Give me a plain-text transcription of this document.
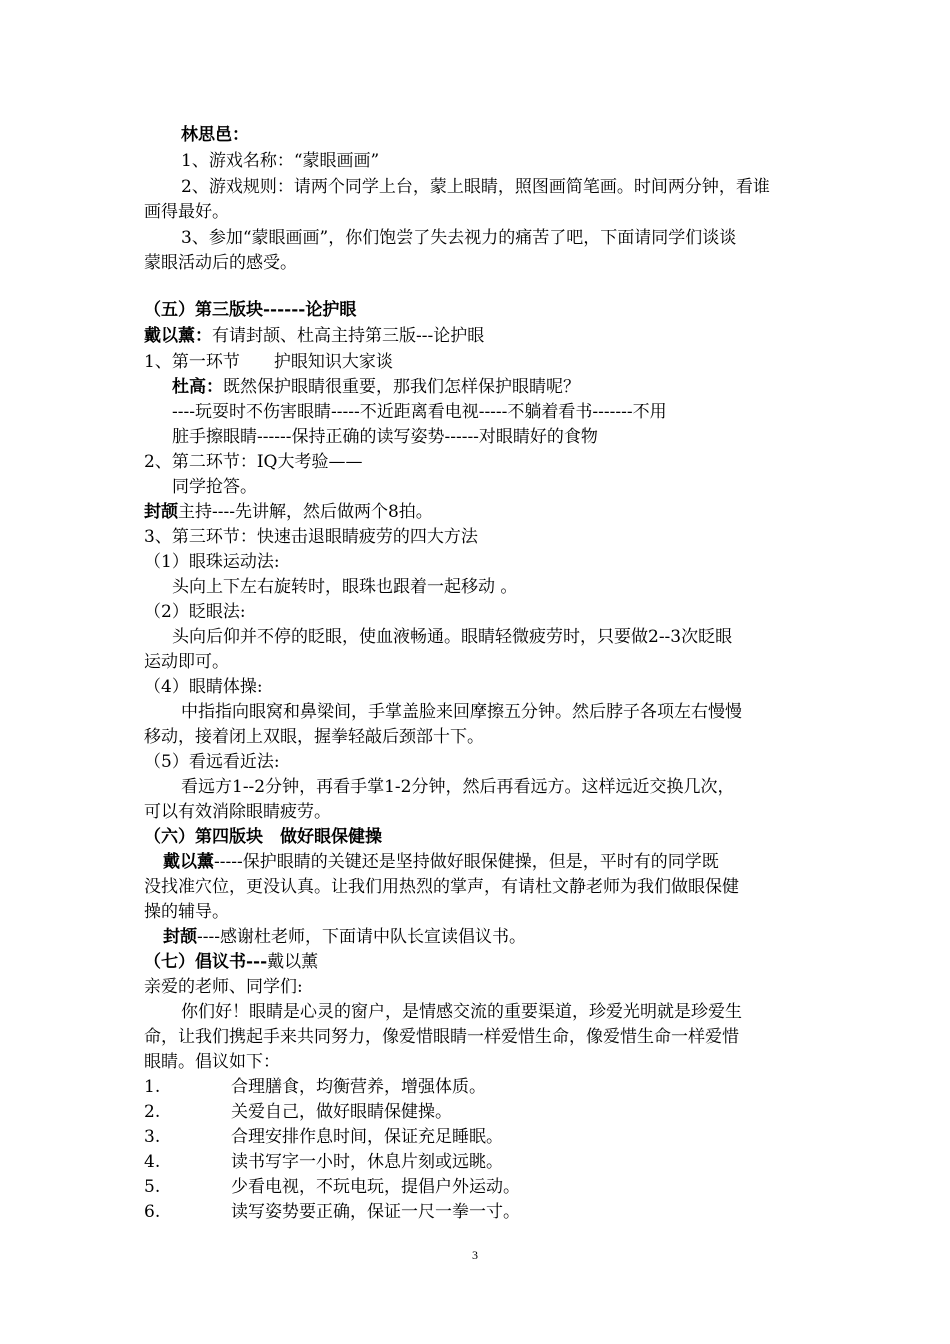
林思邑：
1、游戏名称：“蒙眼画画”
2、游戏规则：请两个同学上台，蒙上眼睛，照图画简笔画。时间两分钟，看谁
画得最好。
3、参加“蒙眼画画”，你们饱尝了失去视力的痛苦了吧，下面请同学们谈谈
蒙眼活动后的感受。
（五）第三版块------论护眼
戴以薰：有请封颉、杜高主持第三版---论护眼
1、第一环节　　护眼知识大家谈
杜高：既然保护眼睛很重要，那我们怎样保护眼睛呢？
----玩耍时不伤害眼睛-----不近距离看电视-----不躺着看书-------不用
脏手擦眼睛------保持正确的读写姿势------对眼睛好的食物
2、第二环节：IQ大考验——
同学抢答。
封颉主持----先讲解，然后做两个8拍。
3、第三环节：快速击退眼睛疲劳的四大方法
（1）眼珠运动法:
头向上下左右旋转时，眼珠也跟着一起移动 。
（2）眨眼法:
头向后仰并不停的眨眼，使血液畅通。眼睛轻微疲劳时，只要做2--3次眨眼
运动即可。
（4）眼睛体操:
中指指向眼窝和鼻梁间，手掌盖脸来回摩擦五分钟。然后脖子各项左右慢慢
移动，接着闭上双眼，握拳轻敲后颈部十下。
（5）看远看近法:
看远方1--2分钟，再看手掌1-2分钟，然后再看远方。这样远近交换几次，
可以有效消除眼睛疲劳。
（六）第四版块　做好眼保健操
戴以薰-----保护眼睛的关键还是坚持做好眼保健操，但是，平时有的同学既
没找准穴位，更没认真。让我们用热烈的掌声，有请杜文静老师为我们做眼保健
操的辅导。
封颉----感谢杜老师，下面请中队长宣读倡议书。
（七）倡议书---戴以薰
亲爱的老师、同学们:
你们好！眼睛是心灵的窗户，是情感交流的重要渠道，珍爱光明就是珍爱生
命，让我们携起手来共同努力，像爱惜眼睛一样爱惜生命，像爱惜生命一样爱惜
眼睛。倡议如下：
1.	合理膳食，均衡营养，增强体质。
2.	关爱自己，做好眼睛保健操。
3.	合理安排作息时间，保证充足睡眠。
4.	读书写字一小时，休息片刻或远眺。
5.	少看电视，不玩电玩，提倡户外运动。
6.	读写姿势要正确，保证一尺一拳一寸。
3
